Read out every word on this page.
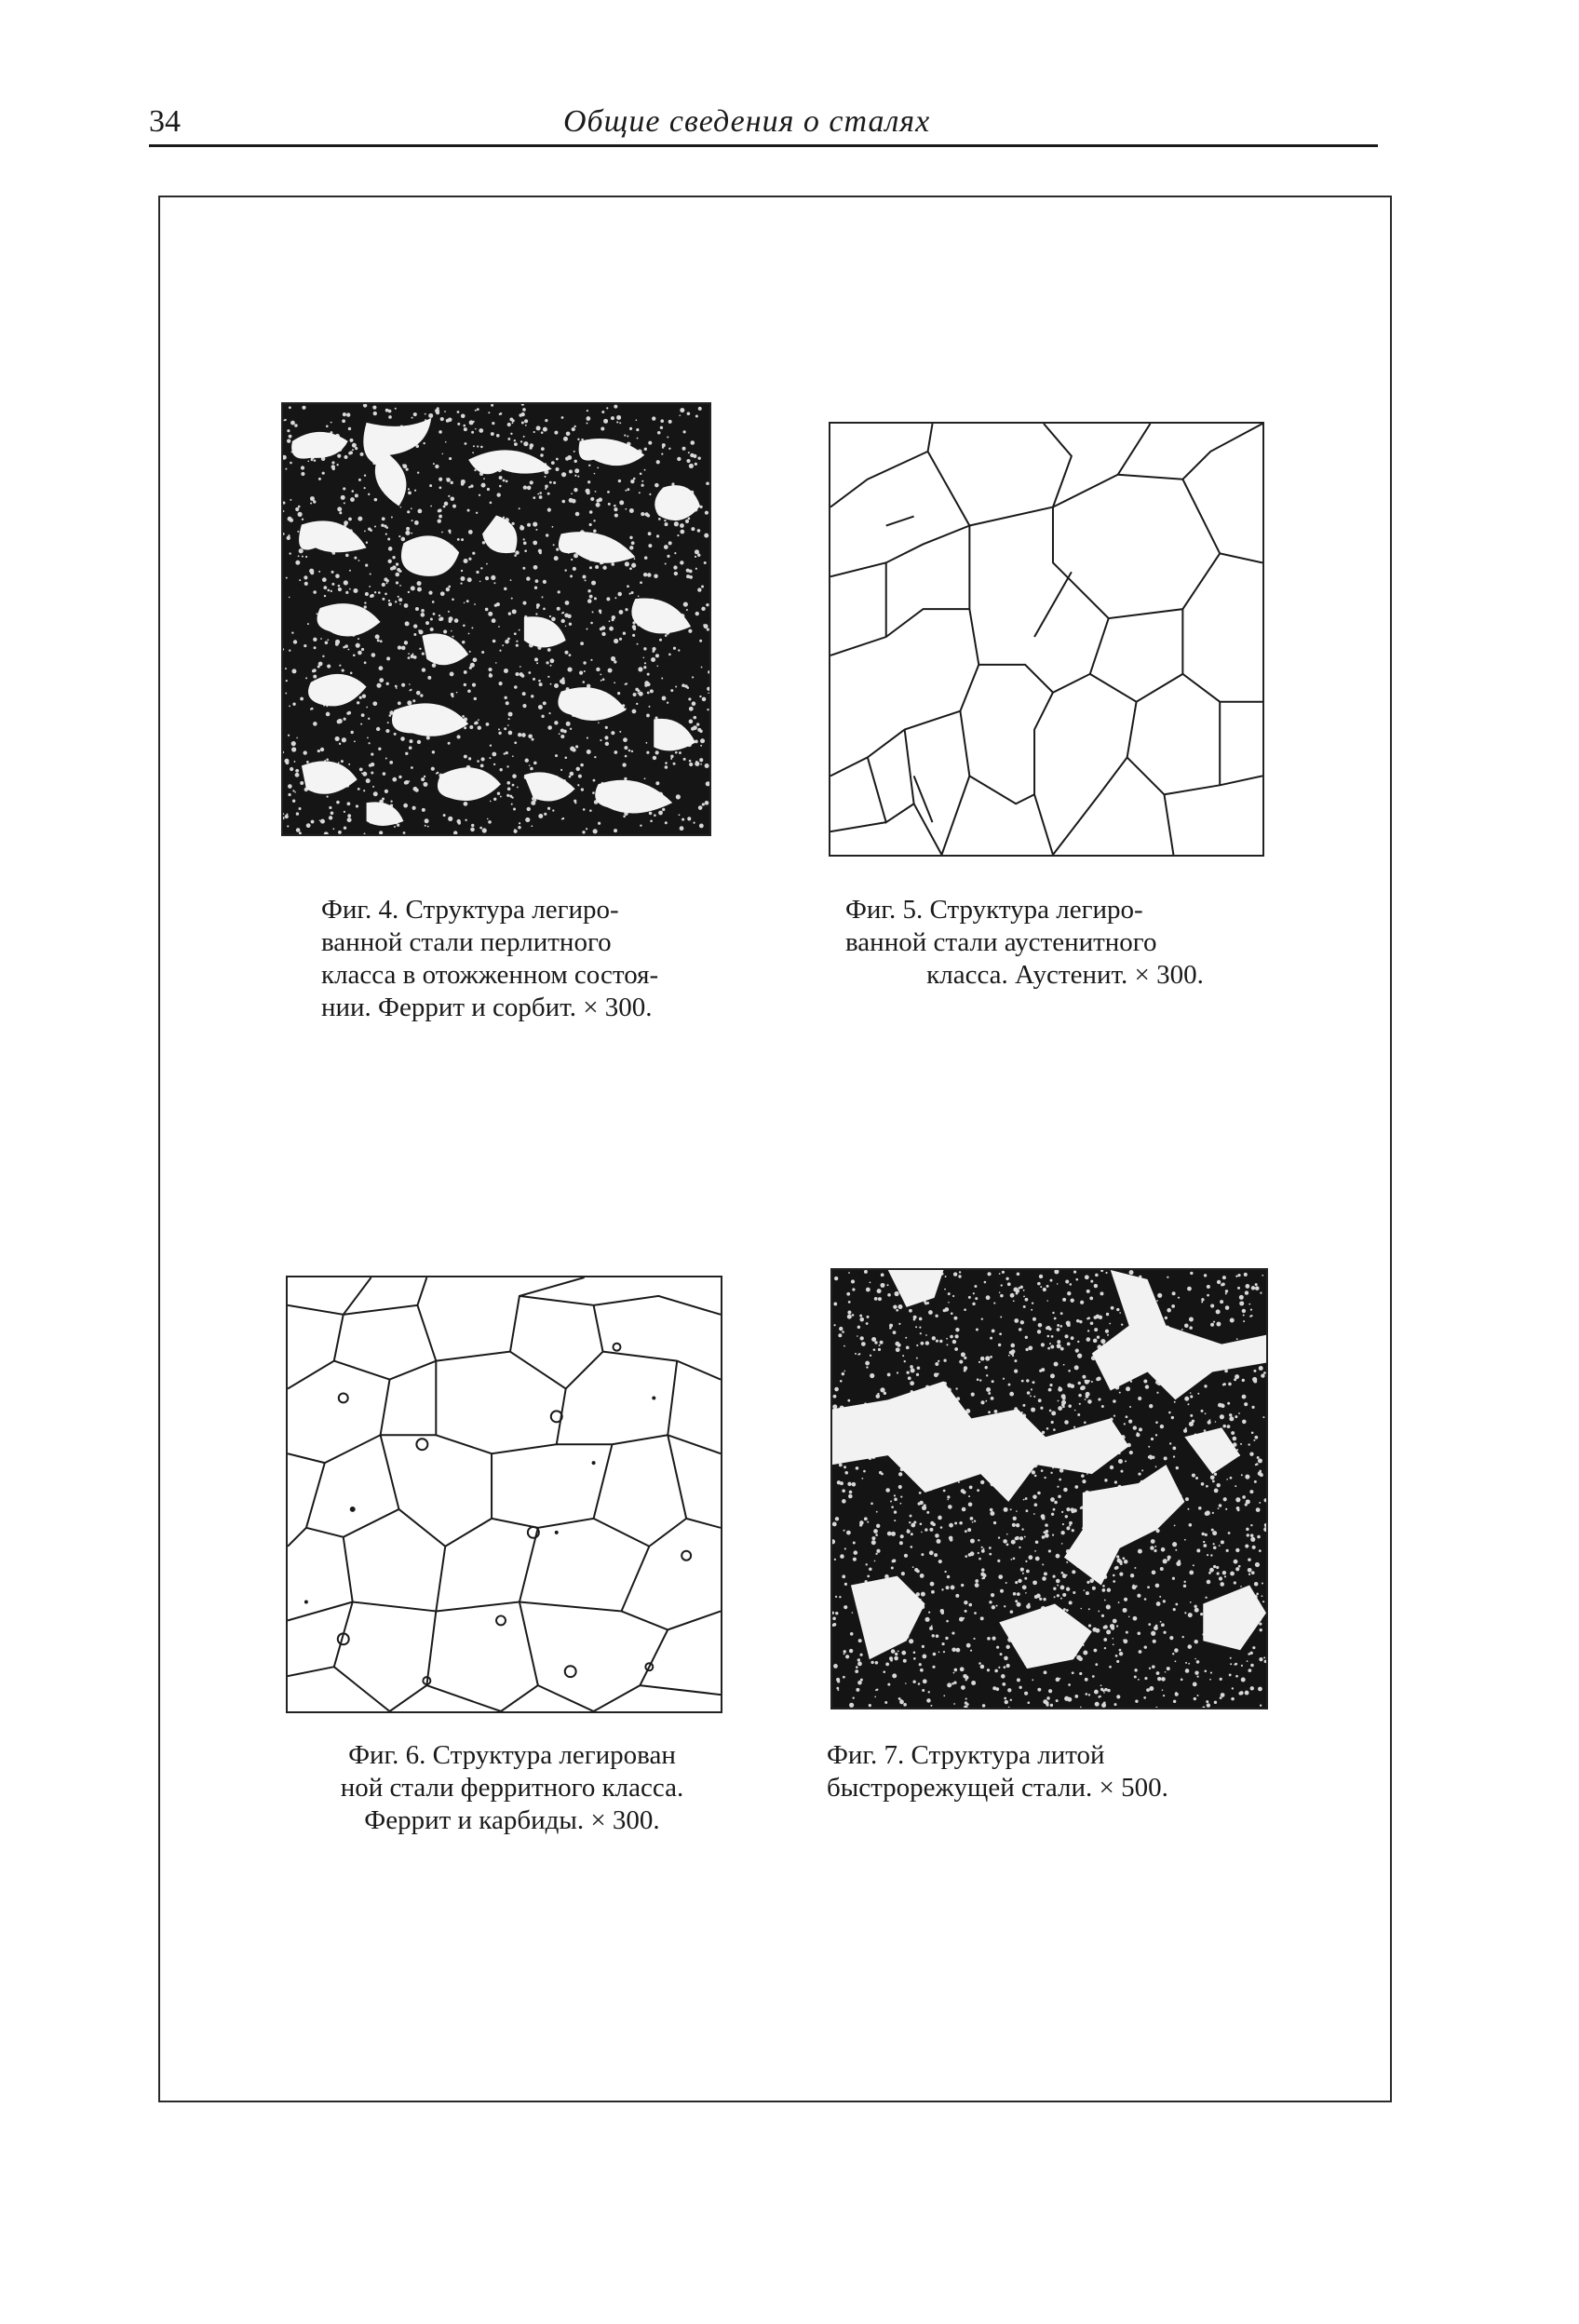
34	Общие сведения о сталях
Фиг. 4. Структура легиро-
ванной стали перлитного
класса в отожженном состоя-
нии. Феррит и сорбит. × 300.
Фиг. 5. Структура легиро-
ванной стали аустенитного
класса. Аустенит. × 300.
Фиг. 6. Структура легирован
ной стали ферритного класса.
Феррит и карбиды. × 300.
Фиг. 7. Структура литой
быстрорежущей стали. × 500.
